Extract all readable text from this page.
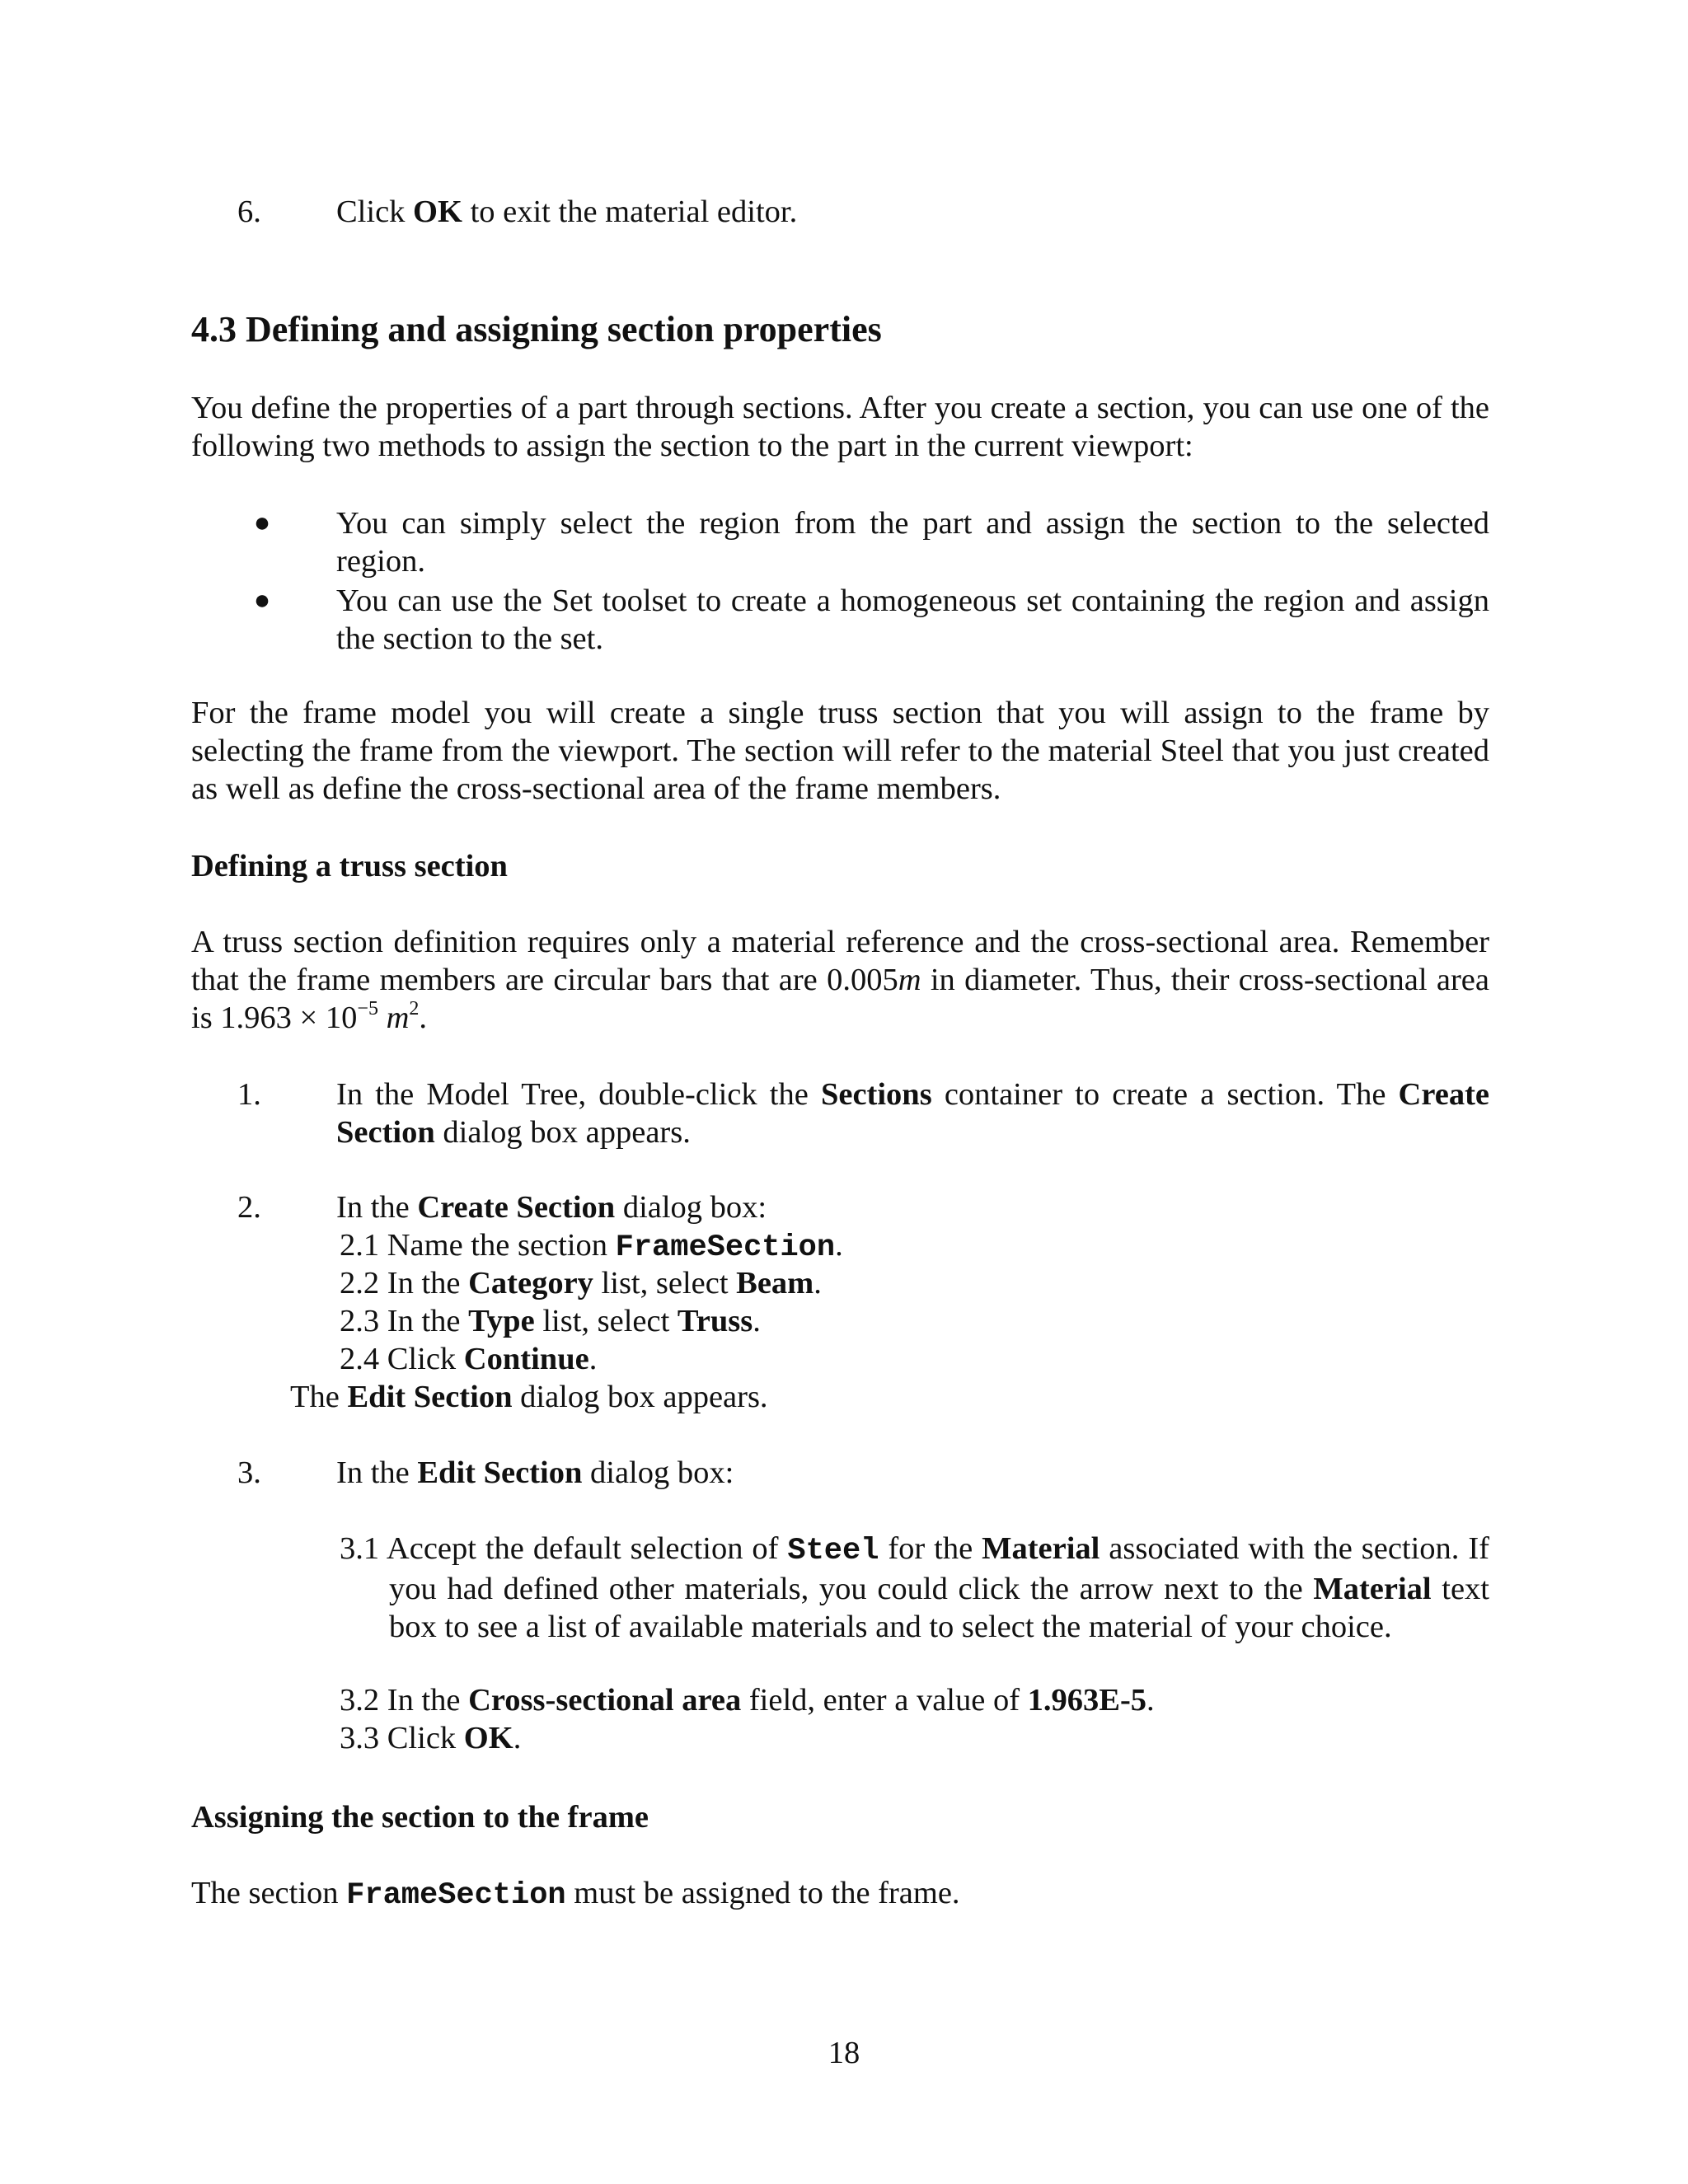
6.	Click OK to exit the material editor.
4.3 Defining and assigning section properties

You define the properties of a part through sections. After you create a section, you can use one of the following two methods to assign the section to the part in the current viewport:

●	You can simply select the region from the part and assign the section to the selected region.
●	You can use the Set toolset to create a homogeneous set containing the region and assign the section to the set.

For the frame model you will create a single truss section that you will assign to the frame by selecting the frame from the viewport. The section will refer to the material Steel that you just created as well as define the cross-sectional area of the frame members.

Defining a truss section

A truss section definition requires only a material reference and the cross-sectional area. Remember that the frame members are circular bars that are 0.005m in diameter. Thus, their cross-sectional area is $1.963 \times 10^{-5}$ $m^2$.

1.	In the Model Tree, double-click the Sections container to create a section. The Create Section dialog box appears.
2.	In the Create Section dialog box:
2.1 Name the section FrameSection.
2.2 In the Category list, select Beam.
2.3 In the Type list, select Truss.
2.4 Click Continue.
The Edit Section dialog box appears.
3.	In the Edit Section dialog box:
3.1 Accept the default selection of Steel for the Material associated with the section. If you had defined other materials, you could click the arrow next to the Material text box to see a list of available materials and to select the material of your choice.
3.2 In the Cross-sectional area field, enter a value of 1.963E-5.
3.3 Click OK.
Assigning the section to the frame

The section FrameSection must be assigned to the frame.

18
